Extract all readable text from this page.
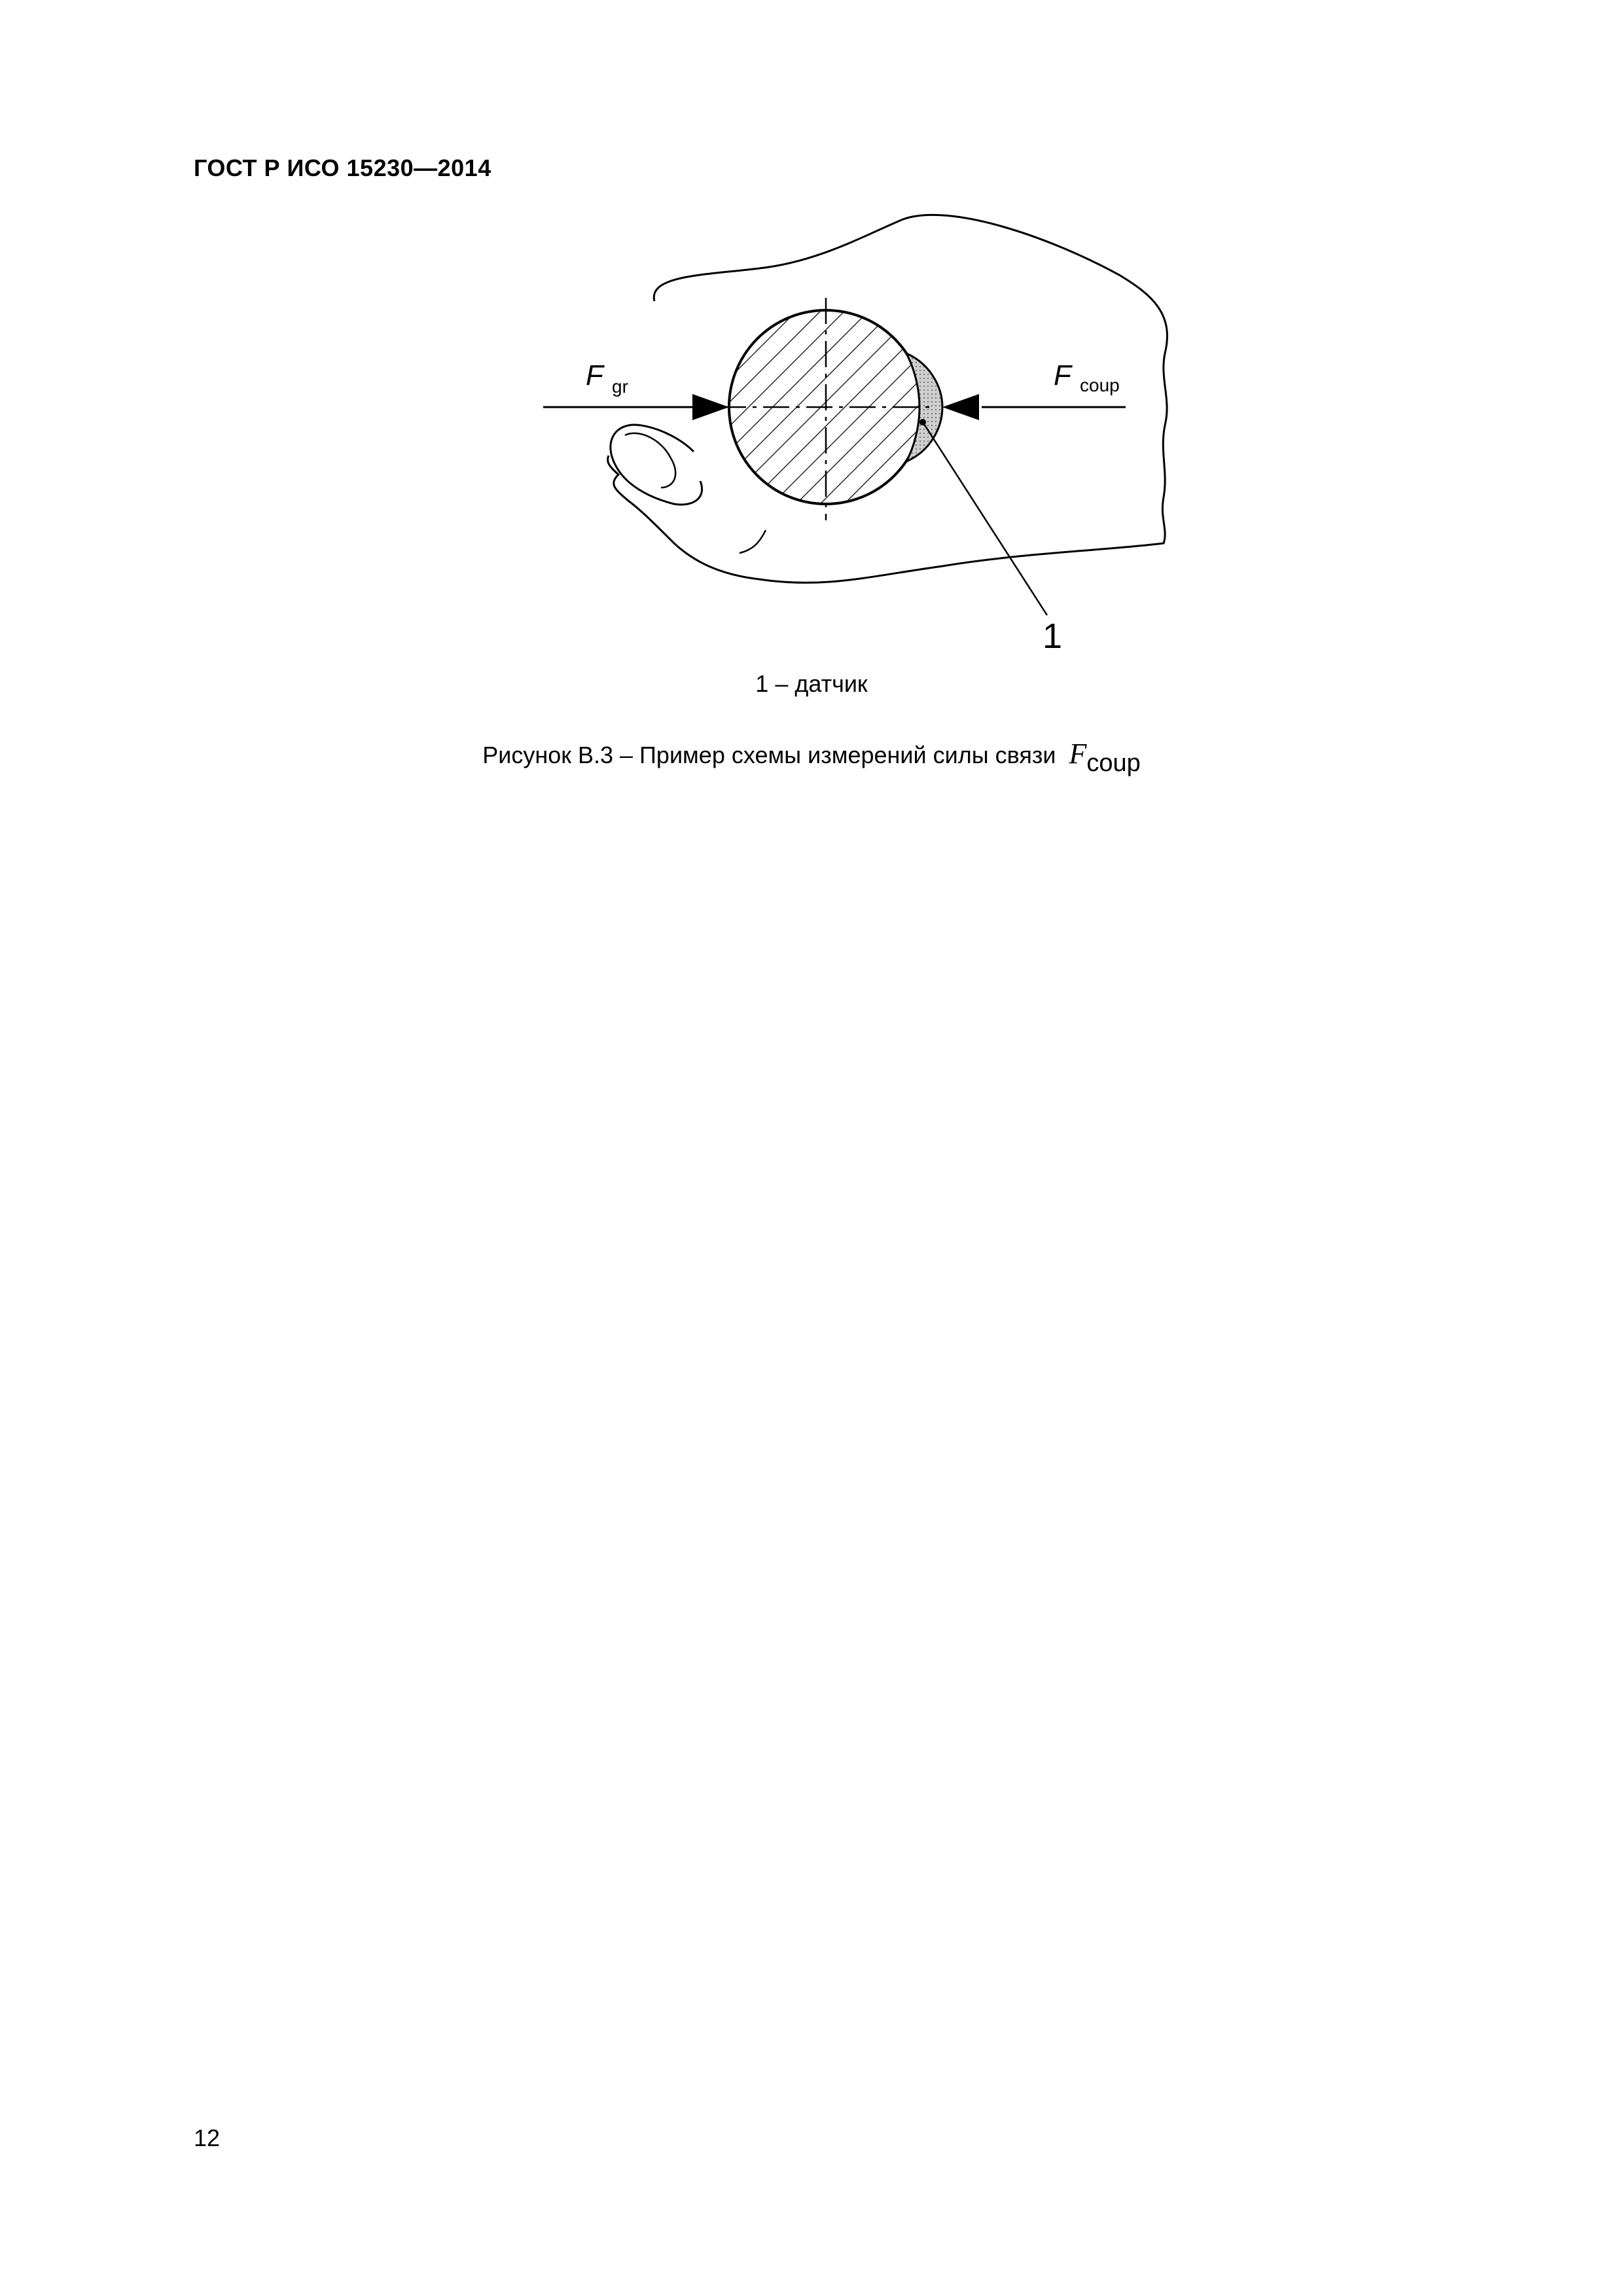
ГОСТ Р ИСО 15230—2014
F gr	F coup
1
1 – датчик
Рисунок В.3 – Пример схемы измерений силы связи Fcoup
12
